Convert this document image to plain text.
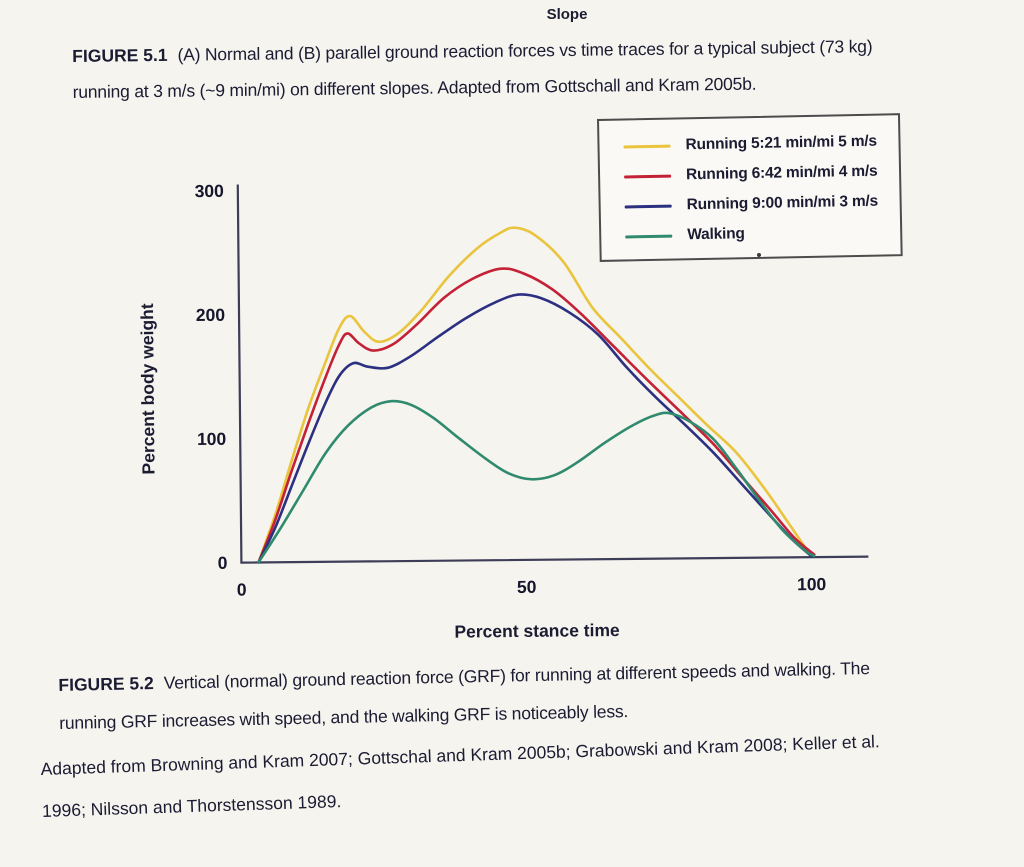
Slope
FIGURE 5.1 (A) Normal and (B) parallel ground reaction forces vs time traces for a typical subject (73 kg)
running at 3 m/s (~9 min/mi) on different slopes. Adapted from Gottschall and Kram 2005b.
Percent body weight
Percent stance time
0
100
200
300
0	50	100
Running 5:21 min/mi 5 m/s
Running 6:42 min/mi 4 m/s
Running 9:00 min/mi 3 m/s
Walking
FIGURE 5.2 Vertical (normal) ground reaction force (GRF) for running at different speeds and walking. The
running GRF increases with speed, and the walking GRF is noticeably less.
Adapted from Browning and Kram 2007; Gottschal and Kram 2005b; Grabowski and Kram 2008; Keller et al.
1996; Nilsson and Thorstensson 1989.
